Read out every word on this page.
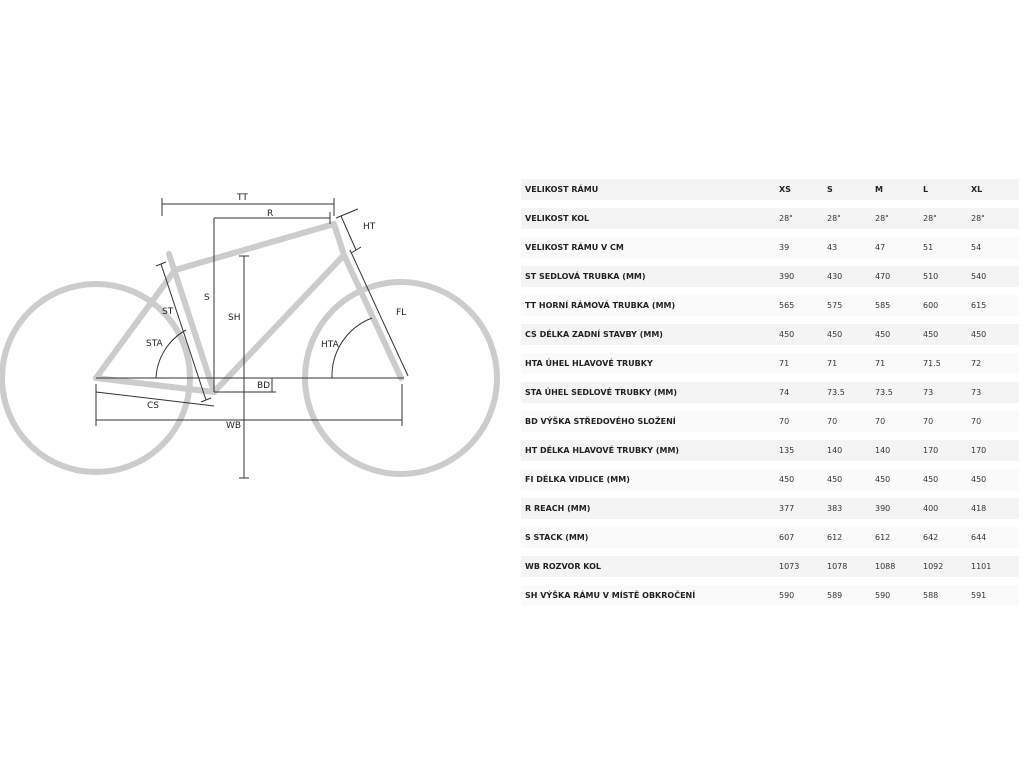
TT
R
HT
ST
S
SH	FL
STA	HTA
BD
CS
WB
VELIKOST RÁMU	XS	S	M	L	XL
VELIKOST KOL	28"	28"	28"	28"	28"
VELIKOST RÁMU V CM	39	43	47	51	54
ST SEDLOVÁ TRUBKA (MM)	390	430	470	510	540
TT HORNÍ RÁMOVÁ TRUBKA (MM)	565	575	585	600	615
CS DÉLKA ZADNÍ STAVBY (MM)	450	450	450	450	450
HTA ÚHEL HLAVOVÉ TRUBKY	71	71	71	71.5	72
STA ÚHEL SEDLOVÉ TRUBKY (MM)	74	73.5	73.5	73	73
BD VÝŠKA STŘEDOVÉHO SLOŽENÍ	70	70	70	70	70
HT DÉLKA HLAVOVÉ TRUBKY (MM)	135	140	140	170	170
FI DÉLKA VIDLICE (MM)	450	450	450	450	450
R REACH (MM)	377	383	390	400	418
S STACK (MM)	607	612	612	642	644
WB ROZVOR KOL	1073	1078	1088	1092	1101
SH VÝŠKA RÁMU V MÍSTĚ OBKROČENÍ	590	589	590	588	591
